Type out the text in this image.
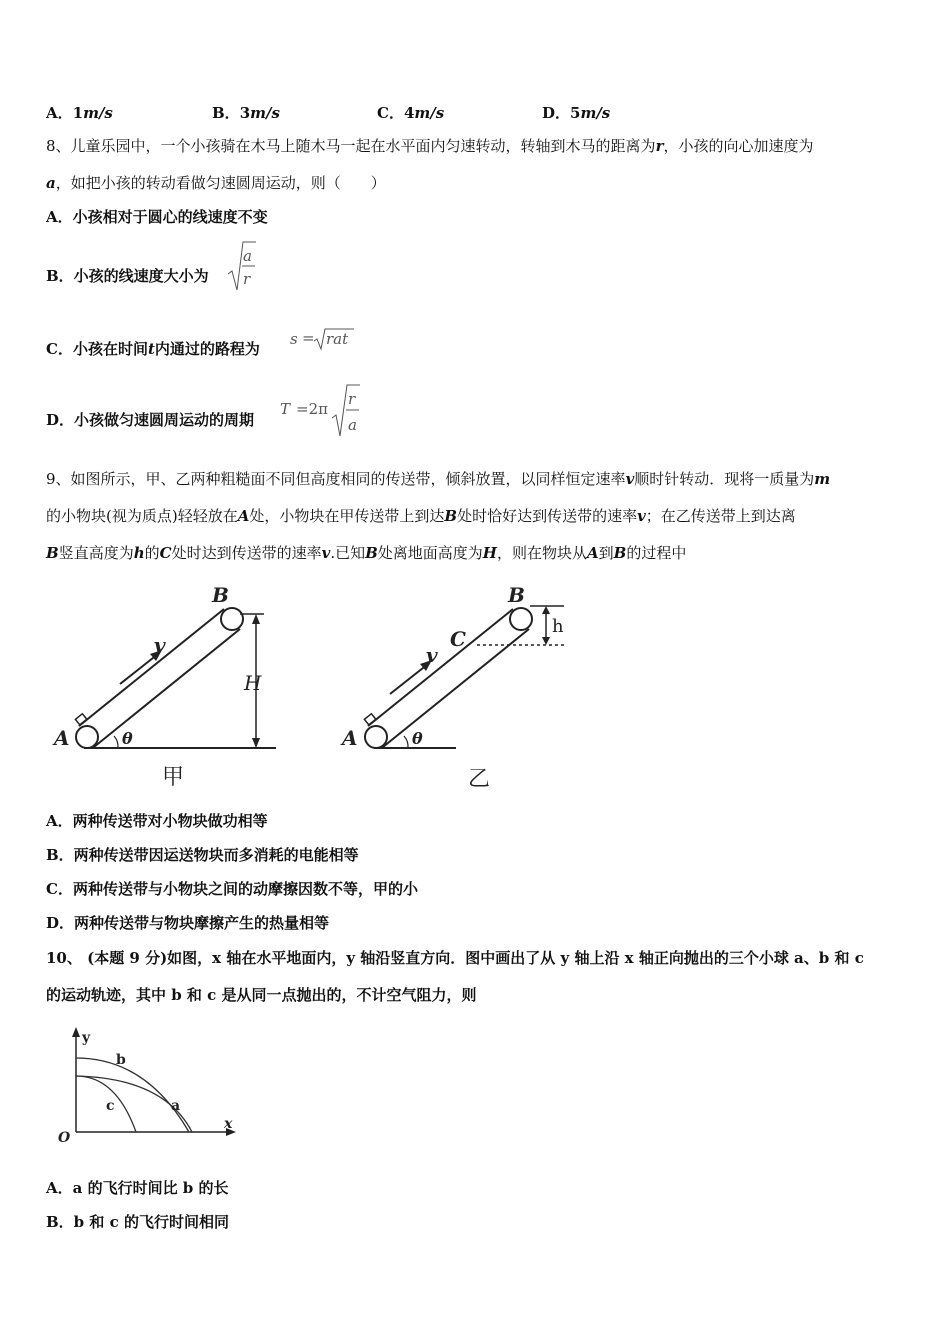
A．1m/s	B．3m/s	C．4m/s	D．5m/s
8、儿童乐园中，一个小孩骑在木马上随木马一起在水平面内匀速转动，转轴到木马的距离为r，小孩的向心加速度为
a，如把小孩的转动看做匀速圆周运动，则（　　）
A．小孩相对于圆心的线速度不变
B．小孩的线速度大小为
a
r
C．小孩在时间t内通过的路程为
s = rat
D．小孩做匀速圆周运动的周期
T =2π
r
a
9、如图所示，甲、乙两种粗糙面不同但高度相同的传送带，倾斜放置，以同样恒定速率v顺时针转动．现将一质量为m
的小物块(视为质点)轻轻放在A处，小物块在甲传送带上到达B处时恰好达到传送带的速率v；在乙传送带上到达离
B竖直高度为h的C处时达到传送带的速率v.已知B处离地面高度为H，则在物块从A到B的过程中
B
A
v
H
θ
甲
B
A
C
v
h
θ
乙
A．两种传送带对小物块做功相等
B．两种传送带因运送物块而多消耗的电能相等
C．两种传送带与小物块之间的动摩擦因数不等，甲的小
D．两种传送带与物块摩擦产生的热量相等
10、 (本题 9 分)如图，x 轴在水平地面内，y 轴沿竖直方向．图中画出了从 y 轴上沿 x 轴正向抛出的三个小球 a、b 和 c
的运动轨迹，其中 b 和 c 是从同一点抛出的，不计空气阻力，则
y
x
O
b
c	a
A．a 的飞行时间比 b 的长
B．b 和 c 的飞行时间相同
